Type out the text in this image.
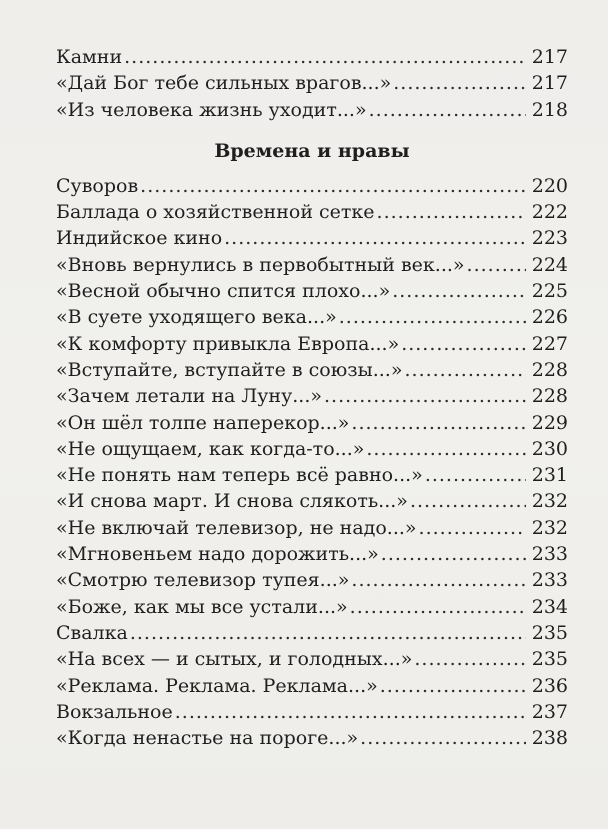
Камни .....	217
«Дай Бог тебе сильных врагов...» .....	217
«Из человека жизнь уходит...» .....	218
Времена и нравы
Суворов .....	220
Баллада о хозяйственной сетке .....	222
Индийское кино .....	223
«Вновь вернулись в первобытный век...» .....	224
«Весной обычно спится плохо...» .....	225
«В суете уходящего века...» .....	226
«К комфорту привыкла Европа...» .....	227
«Вступайте, вступайте в союзы...» .....	228
«Зачем летали на Луну...» .....	228
«Он шёл толпе наперекор...» .....	229
«Не ощущаем, как когда-то...» .....	230
«Не понять нам теперь всё равно...» .....	231
«И снова март. И снова слякоть...» .....	232
«Не включай телевизор, не надо...» .....	232
«Мгновеньем надо дорожить...» .....	233
«Смотрю телевизор тупея...» .....	233
«Боже, как мы все устали...» .....	234
Свалка .....	235
«На всех — и сытых, и голодных...» .....	235
«Реклама. Реклама. Реклама...» .....	236
Вокзальное .....	237
«Когда ненастье на пороге...» .....	238
